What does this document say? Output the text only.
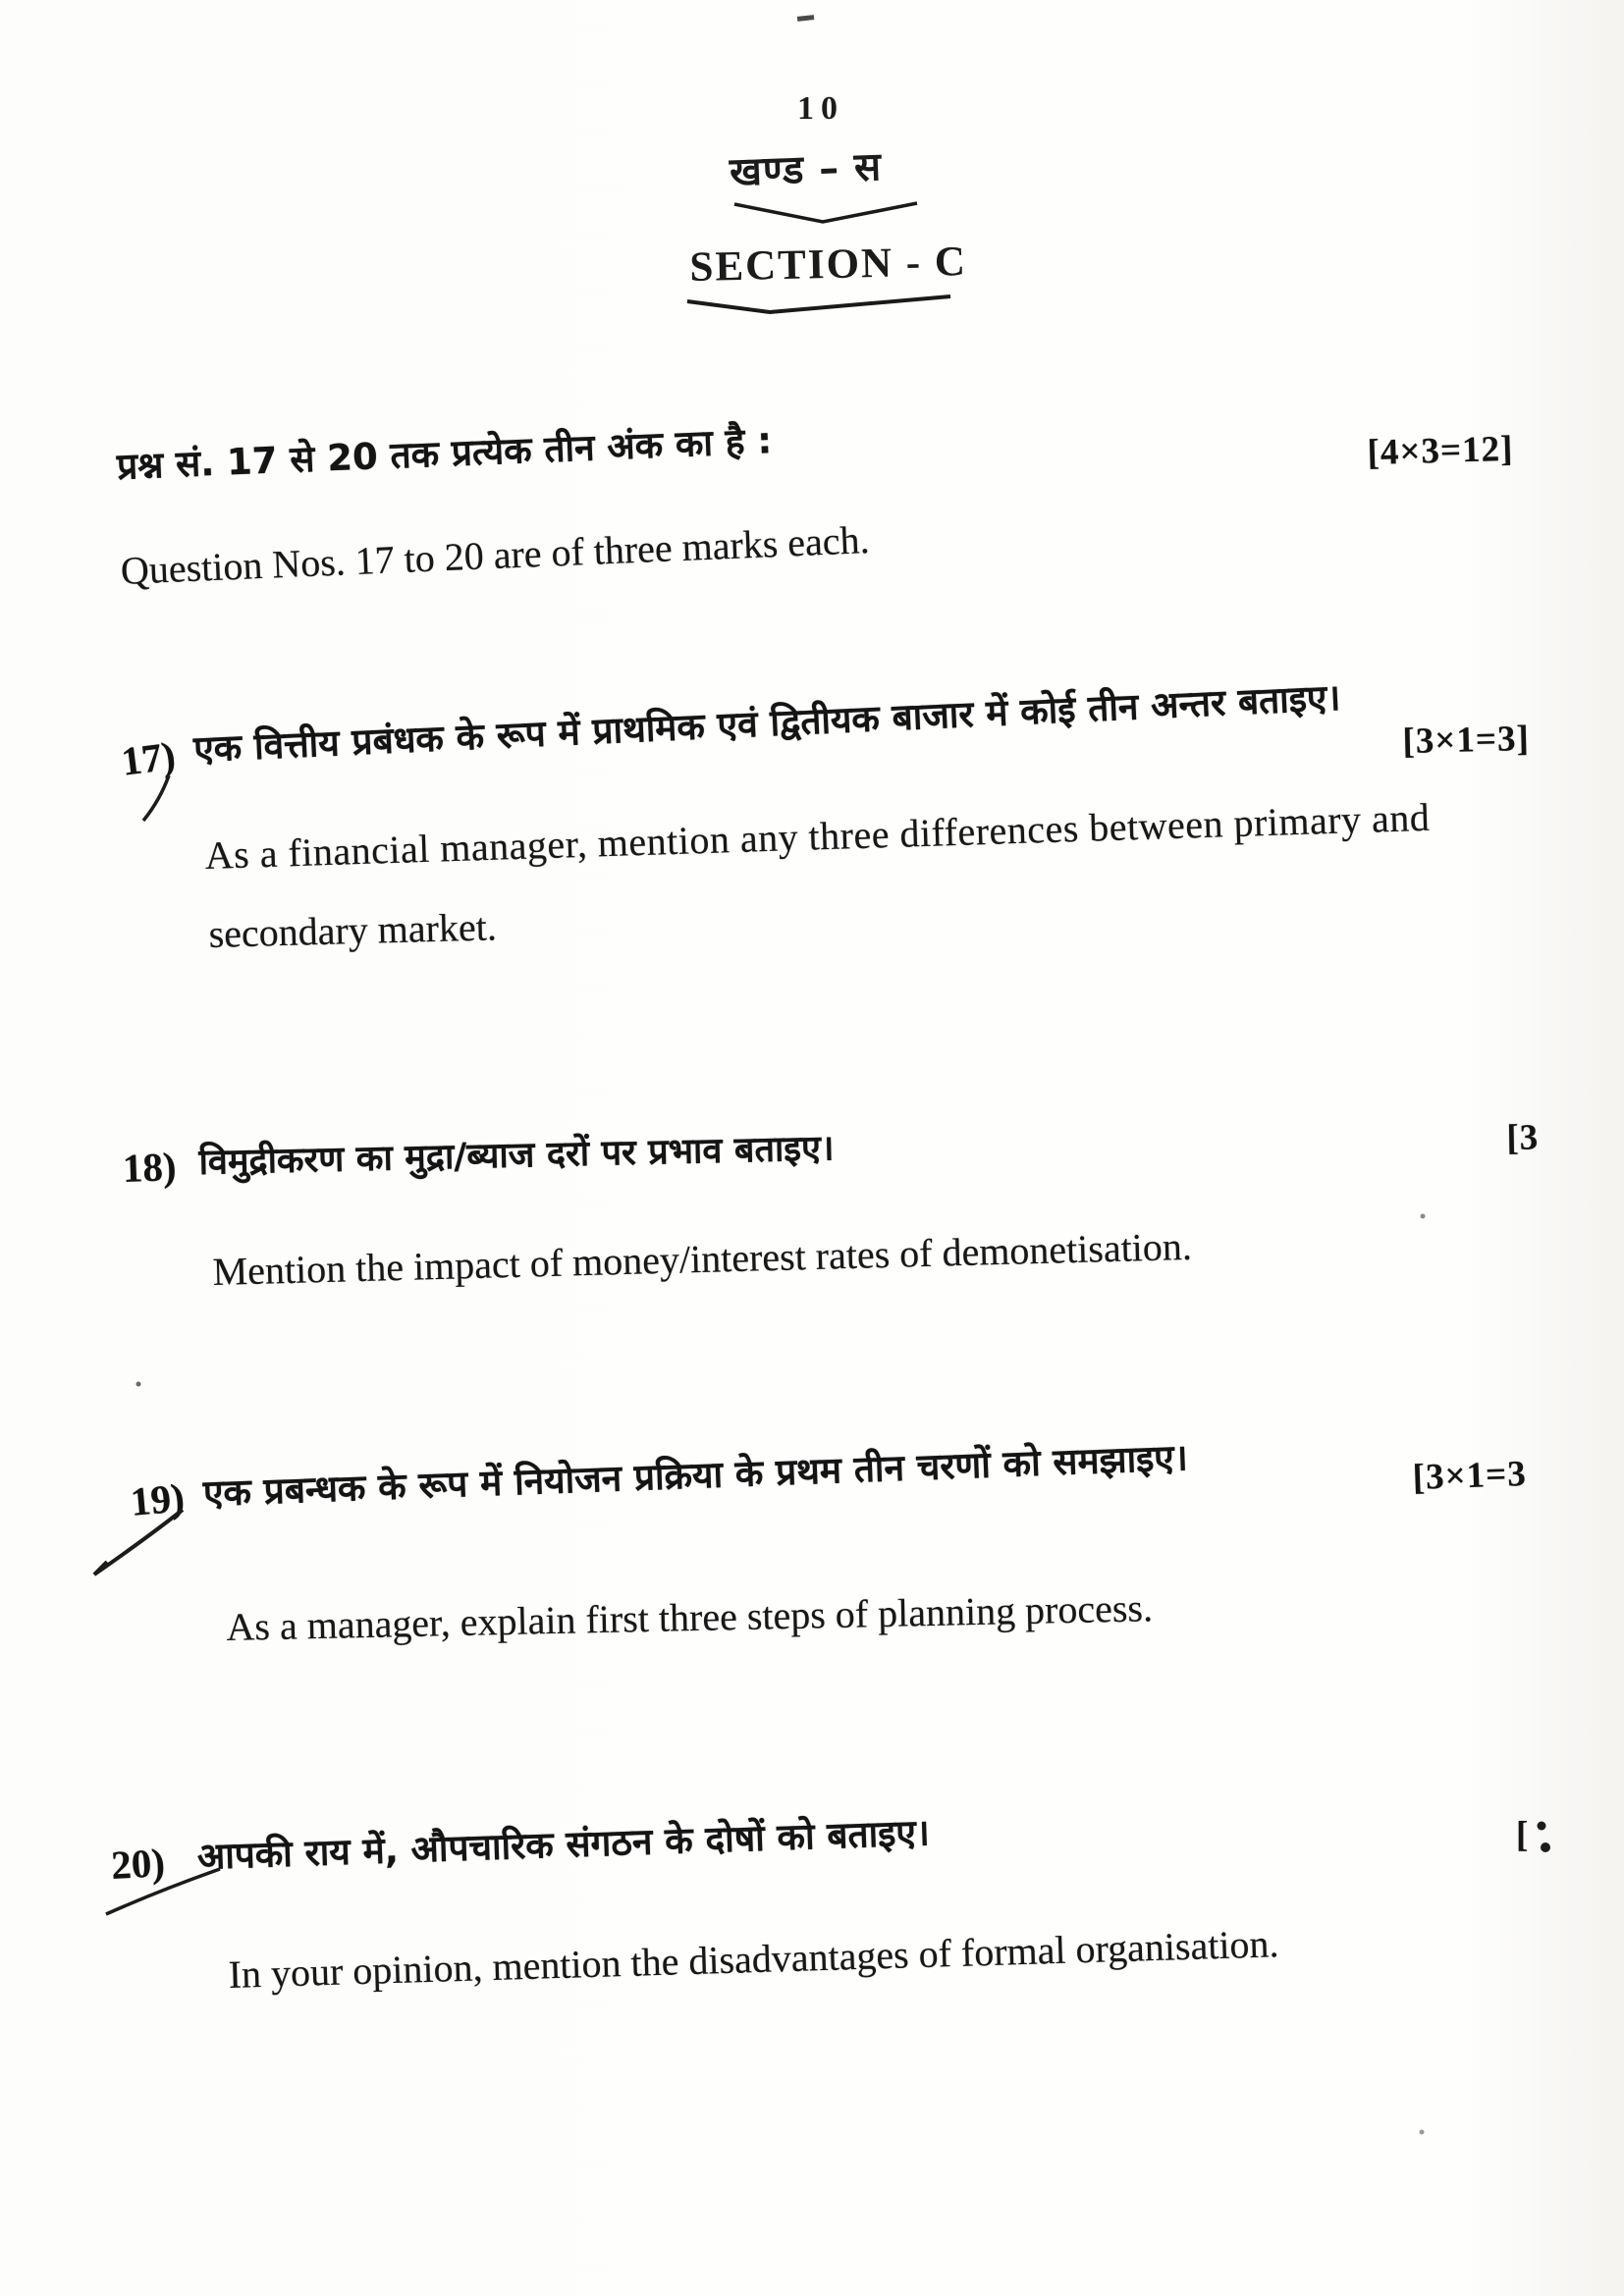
10
खण्ड – स
SECTION - C
प्रश्न सं. 17 से 20 तक प्रत्येक तीन अंक का है :	[4×3=12]
Question Nos. 17 to 20 are of three marks each.
17) एक वित्तीय प्रबंधक के रूप में प्राथमिक एवं द्वितीयक बाजार में कोई तीन अन्तर बताइए। [3×1=3]
As a financial manager, mention any three differences between primary and
secondary market.
18) विमुद्रीकरण का मुद्रा/ब्याज दरों पर प्रभाव बताइए।	[3
Mention the impact of money/interest rates of demonetisation.
19) एक प्रबन्धक के रूप में नियोजन प्रक्रिया के प्रथम तीन चरणों को समझाइए।	[3×1=3
As a manager, explain first three steps of planning process.
20) आपकी राय में, औपचारिक संगठन के दोषों को बताइए।	[
In your opinion, mention the disadvantages of formal organisation.
